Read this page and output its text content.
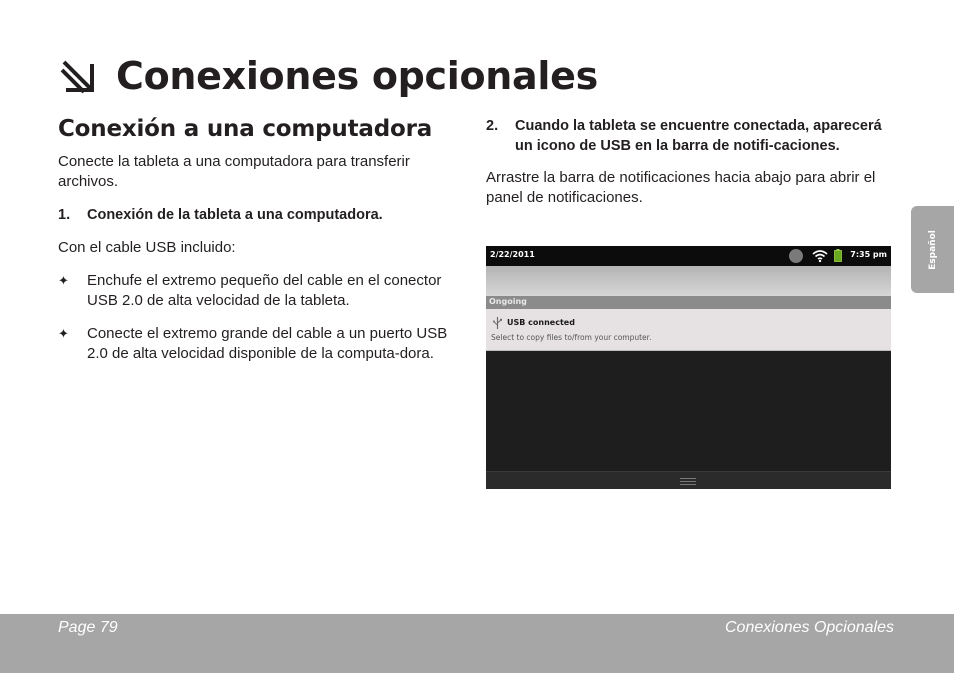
Conexiones opcionales
Conexión a una computadora

Conecte la tableta a una computadora para transferir archivos.

1.	Conexión de la tableta a una computadora.

Con el cable USB incluido:

✦	Enchufe el extremo pequeño del cable en el conector USB 2.0 de alta velocidad de la tableta.
✦	Conecte el extremo grande del cable a un puerto USB 2.0 de alta velocidad disponible de la computa-dora.
2.	Cuando la tableta se encuentre conectada, aparecerá un icono de USB en la barra de notifi-caciones.

Arrastre la barra de notificaciones hacia abajo para abrir el panel de notificaciones.

2/22/2011	7:35 pm
Ongoing
USB connected
Select to copy files to/from your computer.
Español
Page 79	Conexiones Opcionales
